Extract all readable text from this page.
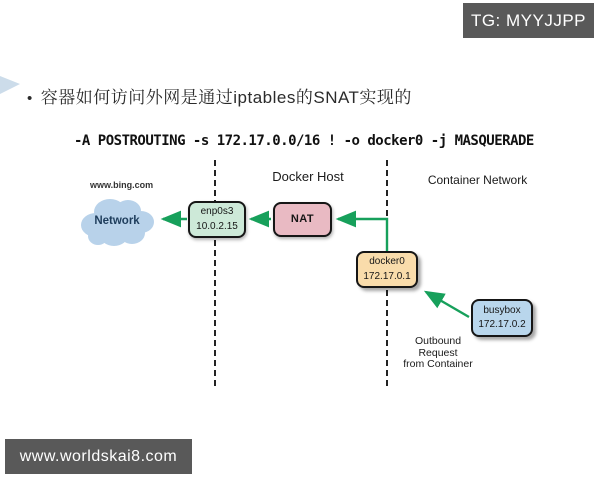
TG: MYYJJPP
• 容器如何访问外网是通过iptables的SNAT实现的
-A POSTROUTING -s 172.17.0.0/16 ! -o docker0 -j MASQUERADE
Docker Host	Container Network
www.bing.com
Network
enp0s3
10.0.2.15
NAT
docker0
172.17.0.1
busybox
172.17.0.2
Outbound
Request
from Container
www.worldskai8.com
